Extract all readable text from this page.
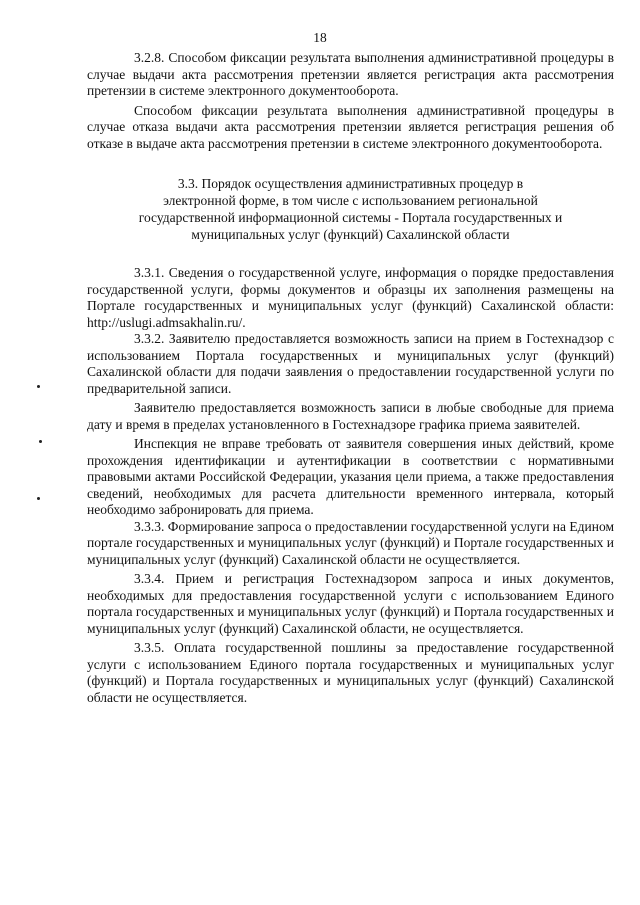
18

3.2.8. Способом фиксации результата выполнения административной процедуры в случае выдачи акта рассмотрения претензии является регистрация акта рассмотрения претензии в системе электронного документооборота.

Способом фиксации результата выполнения административной процедуры в случае отказа выдачи акта рассмотрения претензии является регистрация решения об отказе в выдаче акта рассмотрения претензии в системе электронного документооборота.

3.3. Порядок осуществления административных процедур в
электронной форме, в том числе с использованием региональной
государственной информационной системы - Портала государственных и
муниципальных услуг (функций) Сахалинской области

3.3.1. Сведения о государственной услуге, информация о порядке предоставления государственной услуги, формы документов и образцы их заполнения размещены на Портале государственных и муниципальных услуг (функций) Сахалинской области: http://uslugi.admsakhalin.ru/.

3.3.2. Заявителю предоставляется возможность записи на прием в Гостехнадзор с использованием Портала государственных и муниципальных услуг (функций) Сахалинской области для подачи заявления о предоставлении государственной услуги по предварительной записи.

Заявителю предоставляется возможность записи в любые свободные для приема дату и время в пределах установленного в Гостехнадзоре графика приема заявителей.

Инспекция не вправе требовать от заявителя совершения иных действий, кроме прохождения идентификации и аутентификации в соответствии с нормативными правовыми актами Российской Федерации, указания цели приема, а также предоставления сведений, необходимых для расчета длительности временного интервала, который необходимо забронировать для приема.

3.3.3. Формирование запроса о предоставлении государственной услуги на Едином портале государственных и муниципальных услуг (функций) и Портале государственных и муниципальных услуг (функций) Сахалинской области не осуществляется.

3.3.4. Прием и регистрация Гостехнадзором запроса и иных документов, необходимых для предоставления государственной услуги с использованием Единого портала государственных и муниципальных услуг (функций) и Портала государственных и муниципальных услуг (функций) Сахалинской области, не осуществляется.

3.3.5. Оплата государственной пошлины за предоставление государственной услуги с использованием Единого портала государственных и муниципальных услуг (функций) и Портала государственных и муниципальных услуг (функций) Сахалинской области не осуществляется.
